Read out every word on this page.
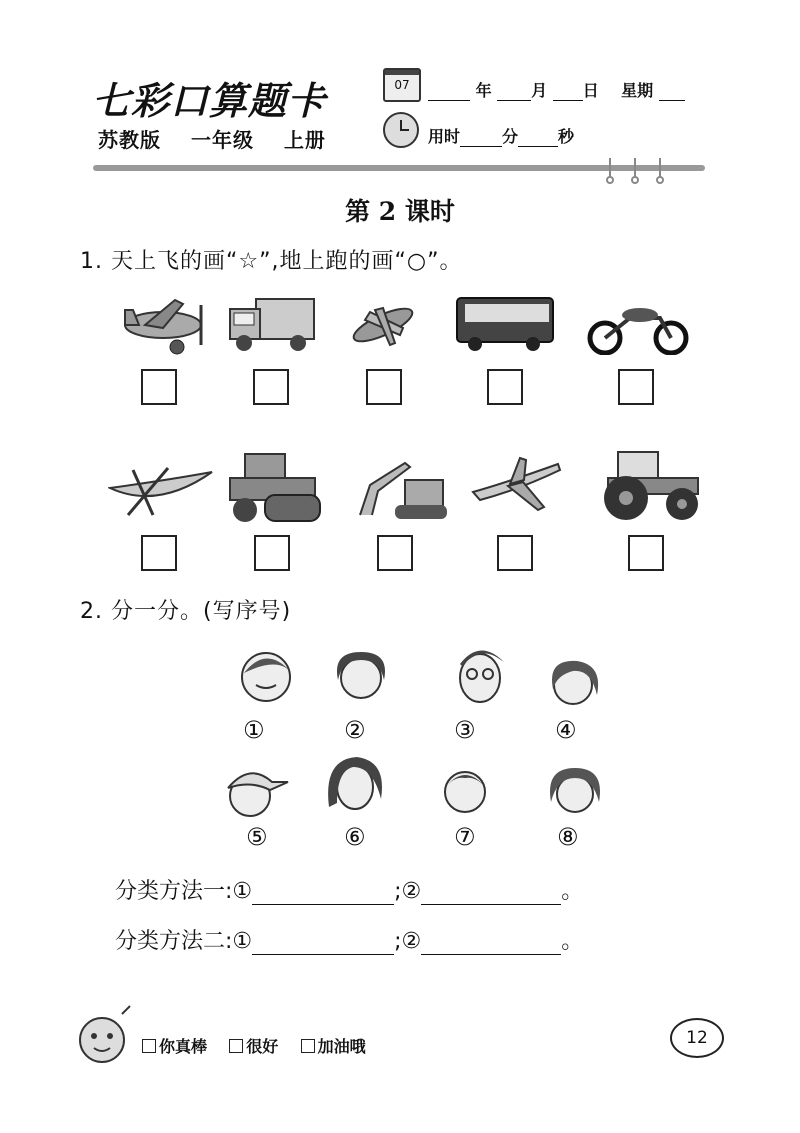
七彩口算题卡
苏教版 一年级 上册
07	年 月 日 星期
用时	分	秒
第 2 课时
1. 天上飞的画“☆”,地上跑的画“○”。
2. 分一分。(写序号)
①	②	③	④
⑤	⑥	⑦	⑧
分类方法一:①	;②	。
分类方法二:①	;②	。
你真棒 很好 加油哦	12
